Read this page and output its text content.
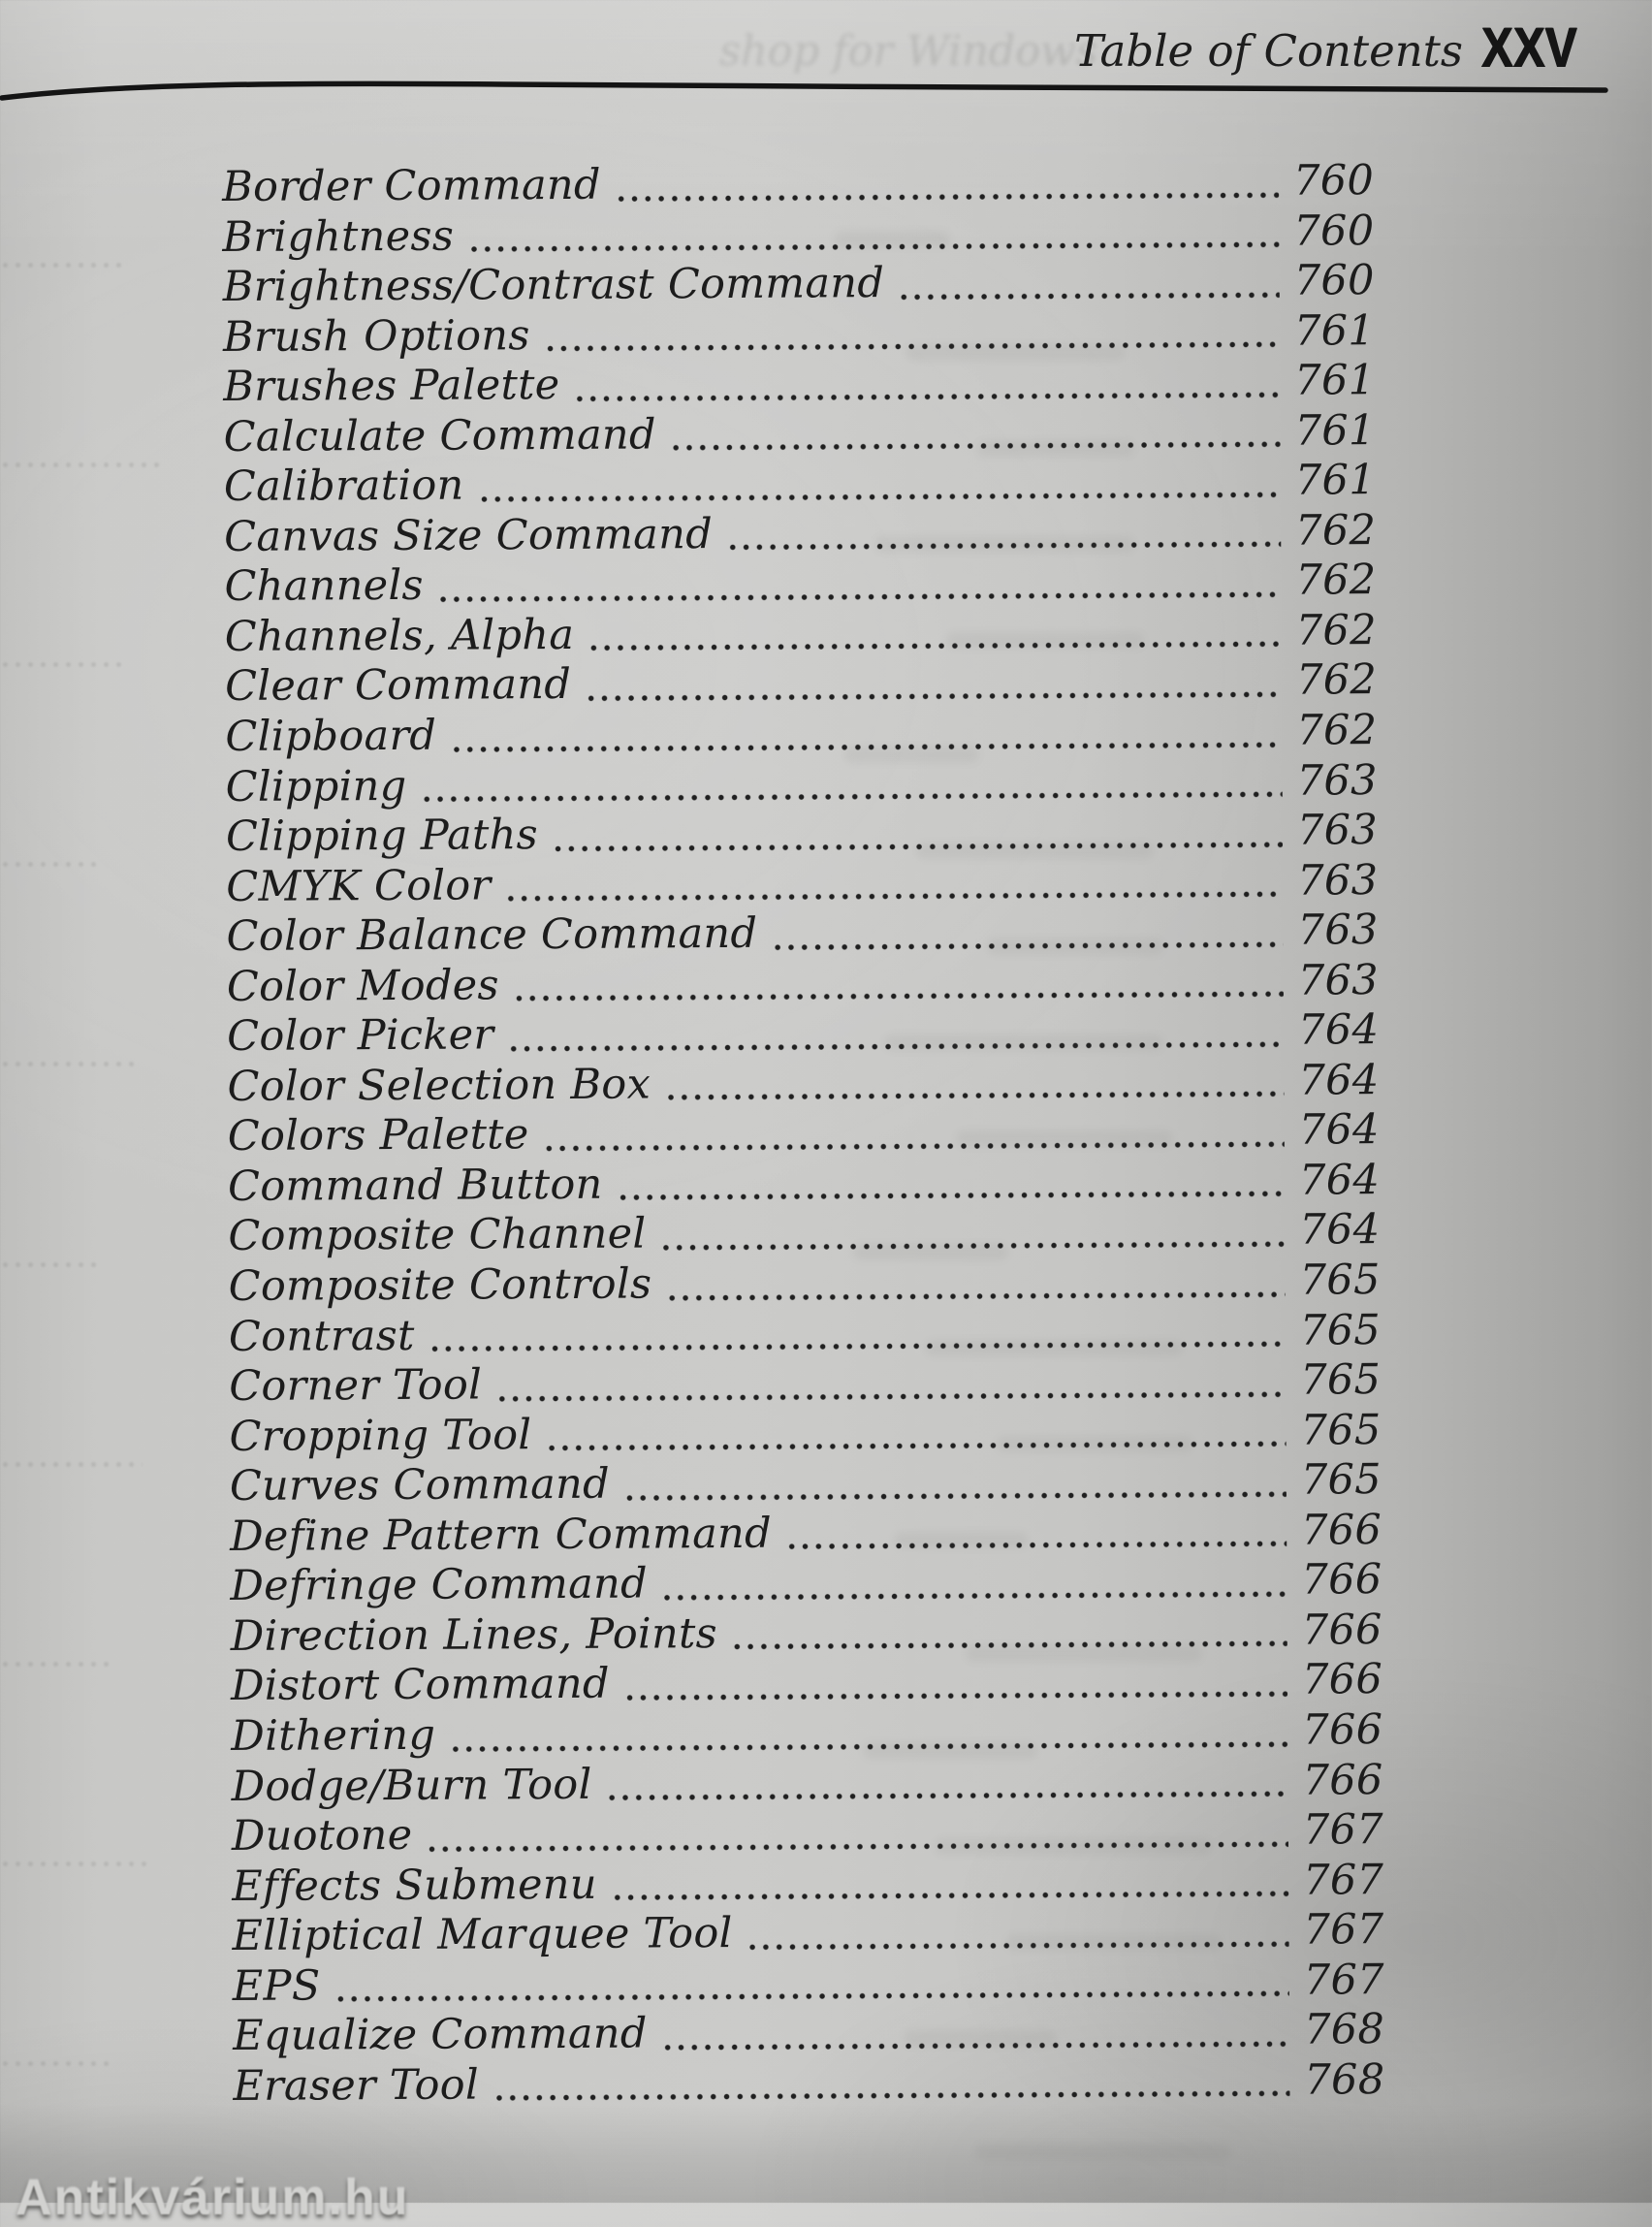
shop for Windows
Table of Contents XXV
Border Command	760
Brightness	760
Brightness/Contrast Command	760
Brush Options	761
Brushes Palette	761
Calculate Command	761
Calibration	761
Canvas Size Command	762
Channels	762
Channels, Alpha	762
Clear Command	762
Clipboard	762
Clipping	763
Clipping Paths	763
CMYK Color	763
Color Balance Command	763
Color Modes	763
Color Picker	764
Color Selection Box	764
Colors Palette	764
Command Button	764
Composite Channel	764
Composite Controls	765
Contrast	765
Corner Tool	765
Cropping Tool	765
Curves Command	765
Define Pattern Command	766
Defringe Command	766
Direction Lines, Points	766
Distort Command	766
Dithering	766
Dodge/Burn Tool	766
Duotone	767
Effects Submenu	767
Elliptical Marquee Tool	767
EPS	767
Equalize Command	768
Eraser Tool	768
Antikvárium.hu
